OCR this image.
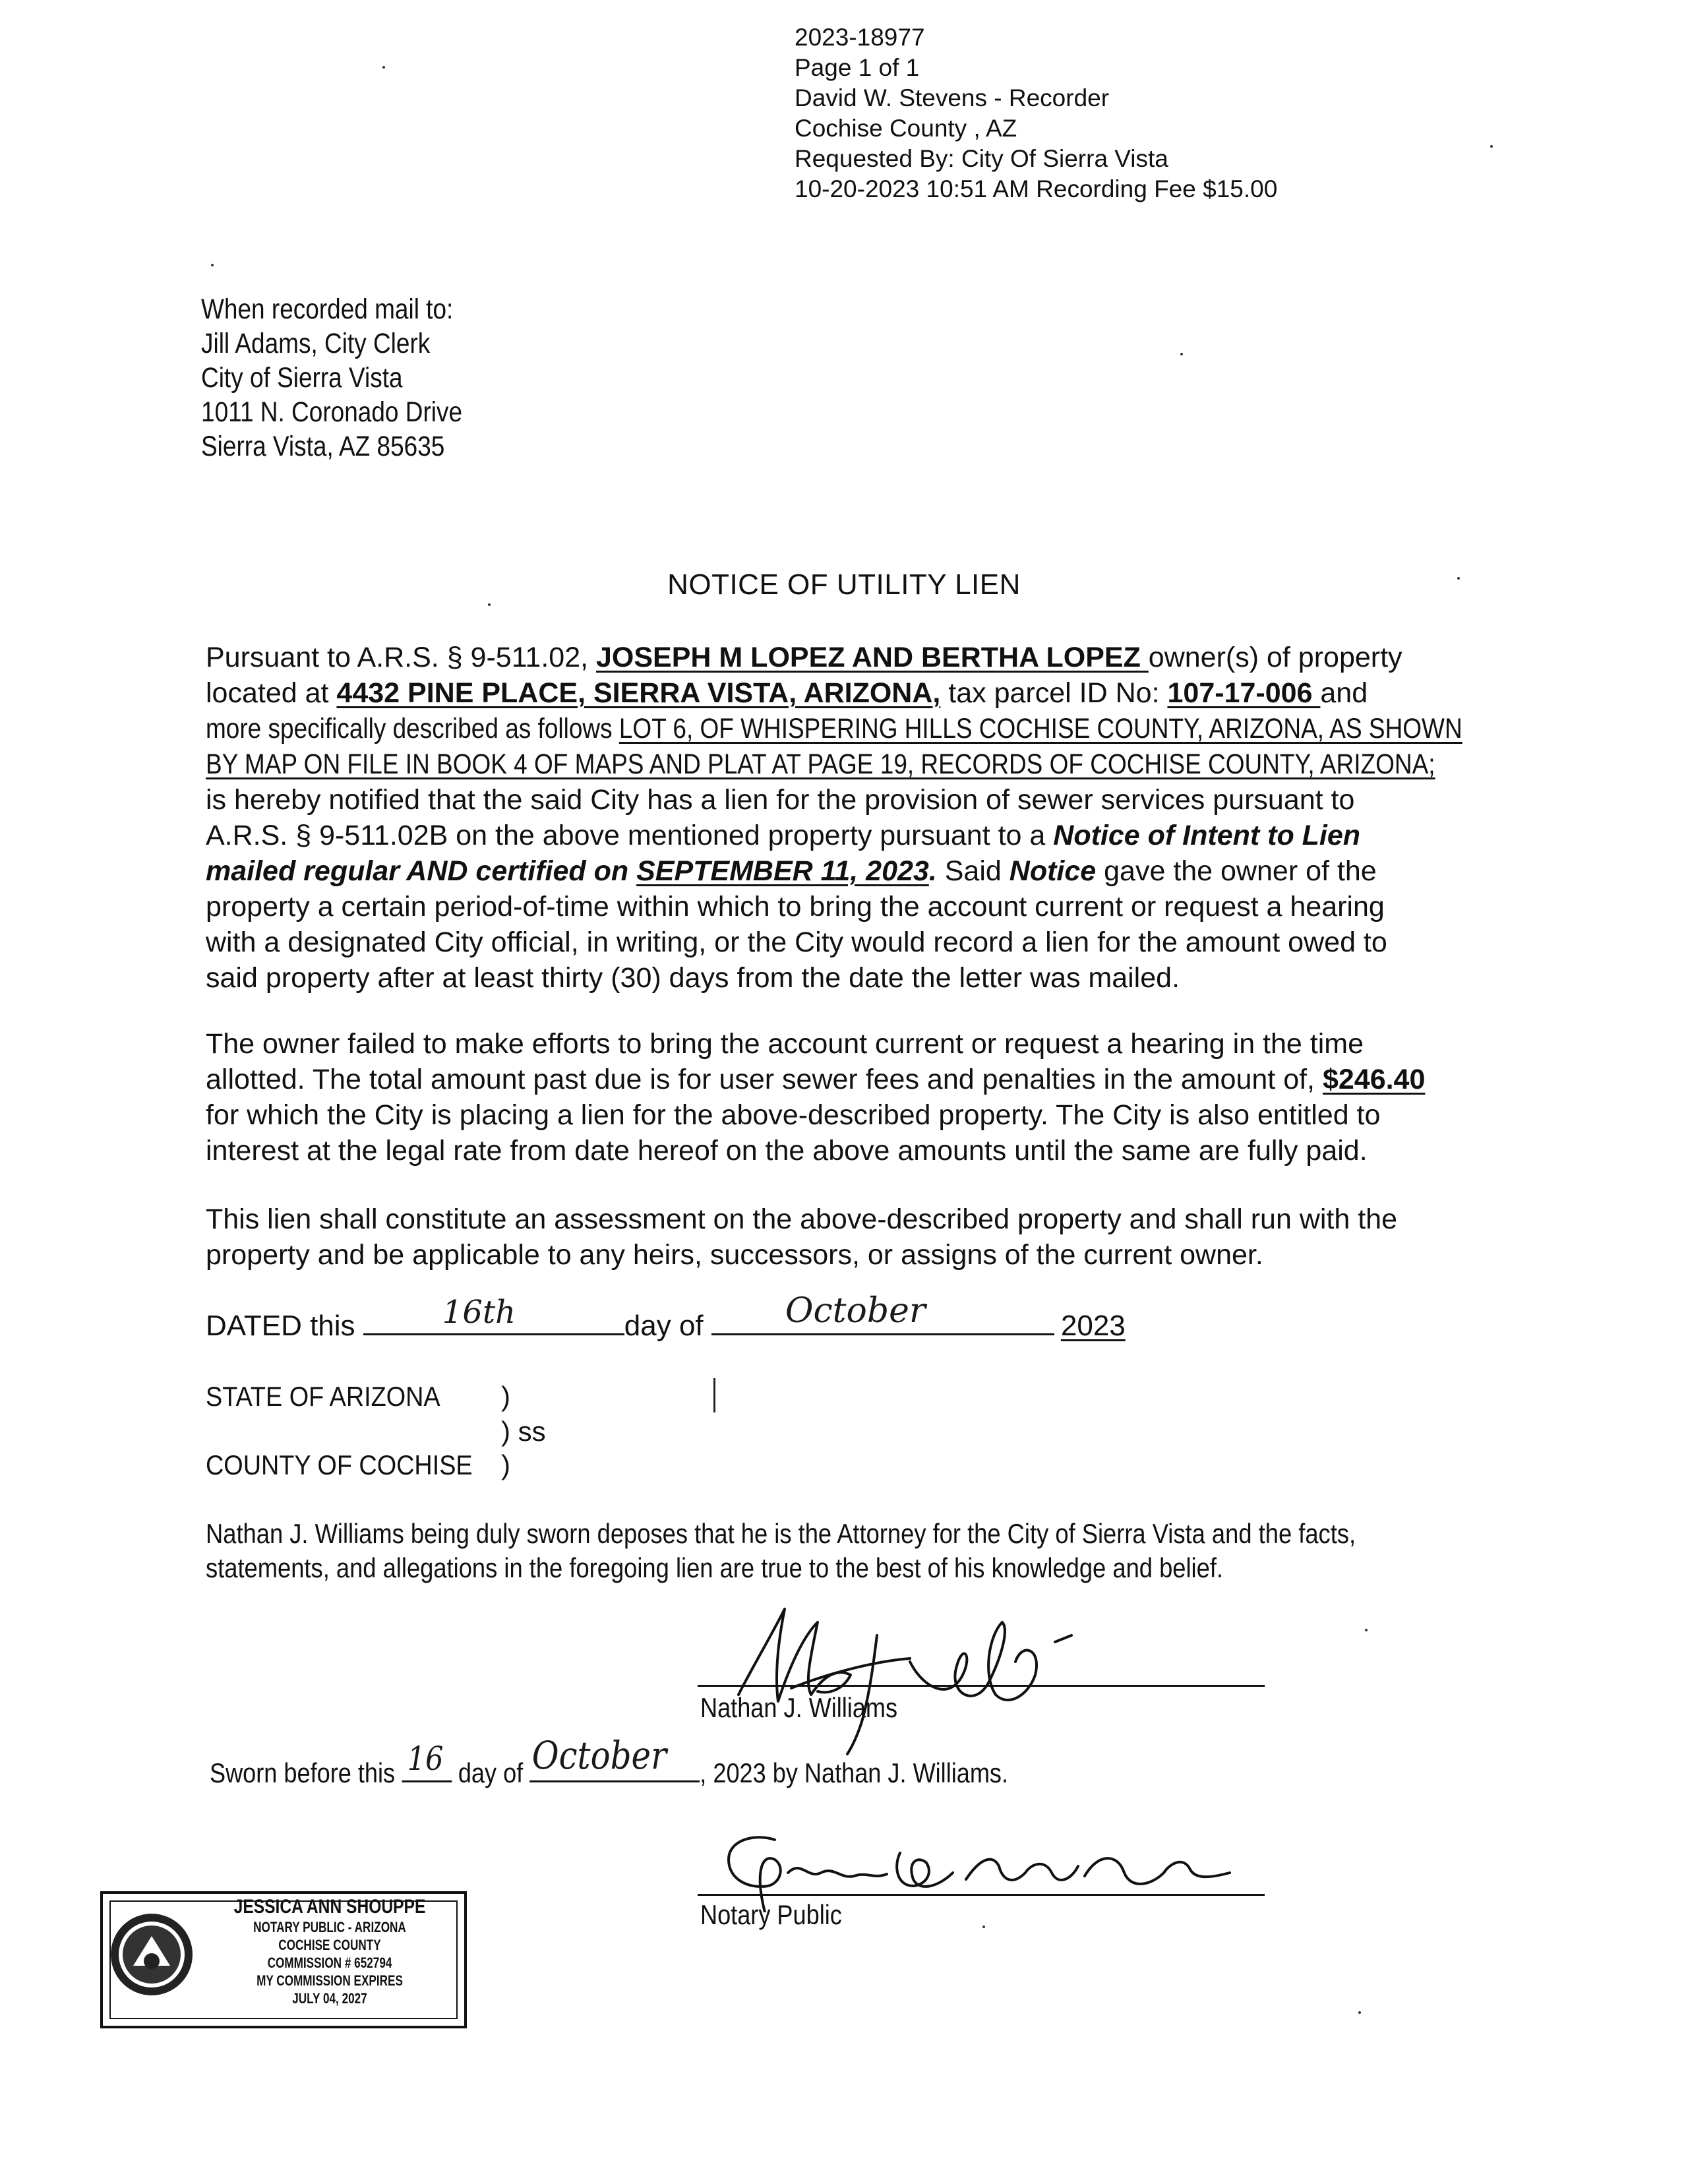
2023-18977
Page 1 of 1
David W. Stevens - Recorder
Cochise County , AZ
Requested By: City Of Sierra Vista
10-20-2023 10:51 AM Recording Fee $15.00
When recorded mail to:
Jill Adams, City Clerk
City of Sierra Vista
1011 N. Coronado Drive
Sierra Vista, AZ 85635
NOTICE OF UTILITY LIEN
Pursuant to A.R.S. § 9-511.02, JOSEPH M LOPEZ AND BERTHA LOPEZ owner(s) of property
located at 4432 PINE PLACE, SIERRA VISTA, ARIZONA, tax parcel ID No: 107-17-006 and
more specifically described as follows LOT 6, OF WHISPERING HILLS COCHISE COUNTY, ARIZONA, AS SHOWN
BY MAP ON FILE IN BOOK 4 OF MAPS AND PLAT AT PAGE 19, RECORDS OF COCHISE COUNTY, ARIZONA;
is hereby notified that the said City has a lien for the provision of sewer services pursuant to
A.R.S. § 9-511.02B on the above mentioned property pursuant to a Notice of Intent to Lien
mailed regular AND certified on SEPTEMBER 11, 2023. Said Notice gave the owner of the
property a certain period-of-time within which to bring the account current or request a hearing
with a designated City official, in writing, or the City would record a lien for the amount owed to
said property after at least thirty (30) days from the date the letter was mailed.
The owner failed to make efforts to bring the account current or request a hearing in the time
allotted. The total amount past due is for user sewer fees and penalties in the amount of, $246.40
for which the City is placing a lien for the above-described property. The City is also entitled to
interest at the legal rate from date hereof on the above amounts until the same are fully paid.
This lien shall constitute an assessment on the above-described property and shall run with the
property and be applicable to any heirs, successors, or assigns of the current owner.
DATED this	16th	day of October	2023
STATE OF ARIZONA	)
) ss
COUNTY OF COCHISE	)
Nathan J. Williams being duly sworn deposes that he is the Attorney for the City of Sierra Vista and the facts,
statements, and allegations in the foregoing lien are true to the best of his knowledge and belief.
Nathan J. Williams
Sworn before this 16 day of October , 2023 by Nathan J. Williams.
Notary Public
JESSICA ANN SHOUPPE
NOTARY PUBLIC - ARIZONA
COCHISE COUNTY
COMMISSION # 652794
MY COMMISSION EXPIRES
JULY 04, 2027
